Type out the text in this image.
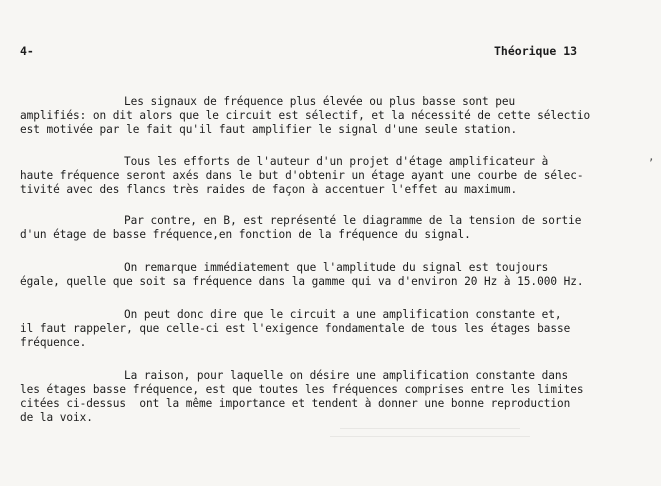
4-	Théorique 13
Les signaux de fréquence plus élevée ou plus basse sont peu
amplifiés: on dit alors que le circuit est sélectif, et la nécessité de cette sélectio
est motivée par le fait qu'il faut amplifier le signal d'une seule station.
Tous les efforts de l'auteur d'un projet d'étage amplificateur à
haute fréquence seront axés dans le but d'obtenir un étage ayant une courbe de sélec-
tivité avec des flancs très raides de façon à accentuer l'effet au maximum.
Par contre, en B, est représenté le diagramme de la tension de sortie
d'un étage de basse fréquence,en fonction de la fréquence du signal.
On remarque immédiatement que l'amplitude du signal est toujours
égale, quelle que soit sa fréquence dans la gamme qui va d'environ 20 Hz à 15.000 Hz.
On peut donc dire que le circuit a une amplification constante et,
il faut rappeler, que celle-ci est l'exigence fondamentale de tous les étages basse
fréquence.
La raison, pour laquelle on désire une amplification constante dans
les étages basse fréquence, est que toutes les fréquences comprises entre les limites
citées ci-dessus  ont la même importance et tendent à donner une bonne reproduction
de la voix.
,
